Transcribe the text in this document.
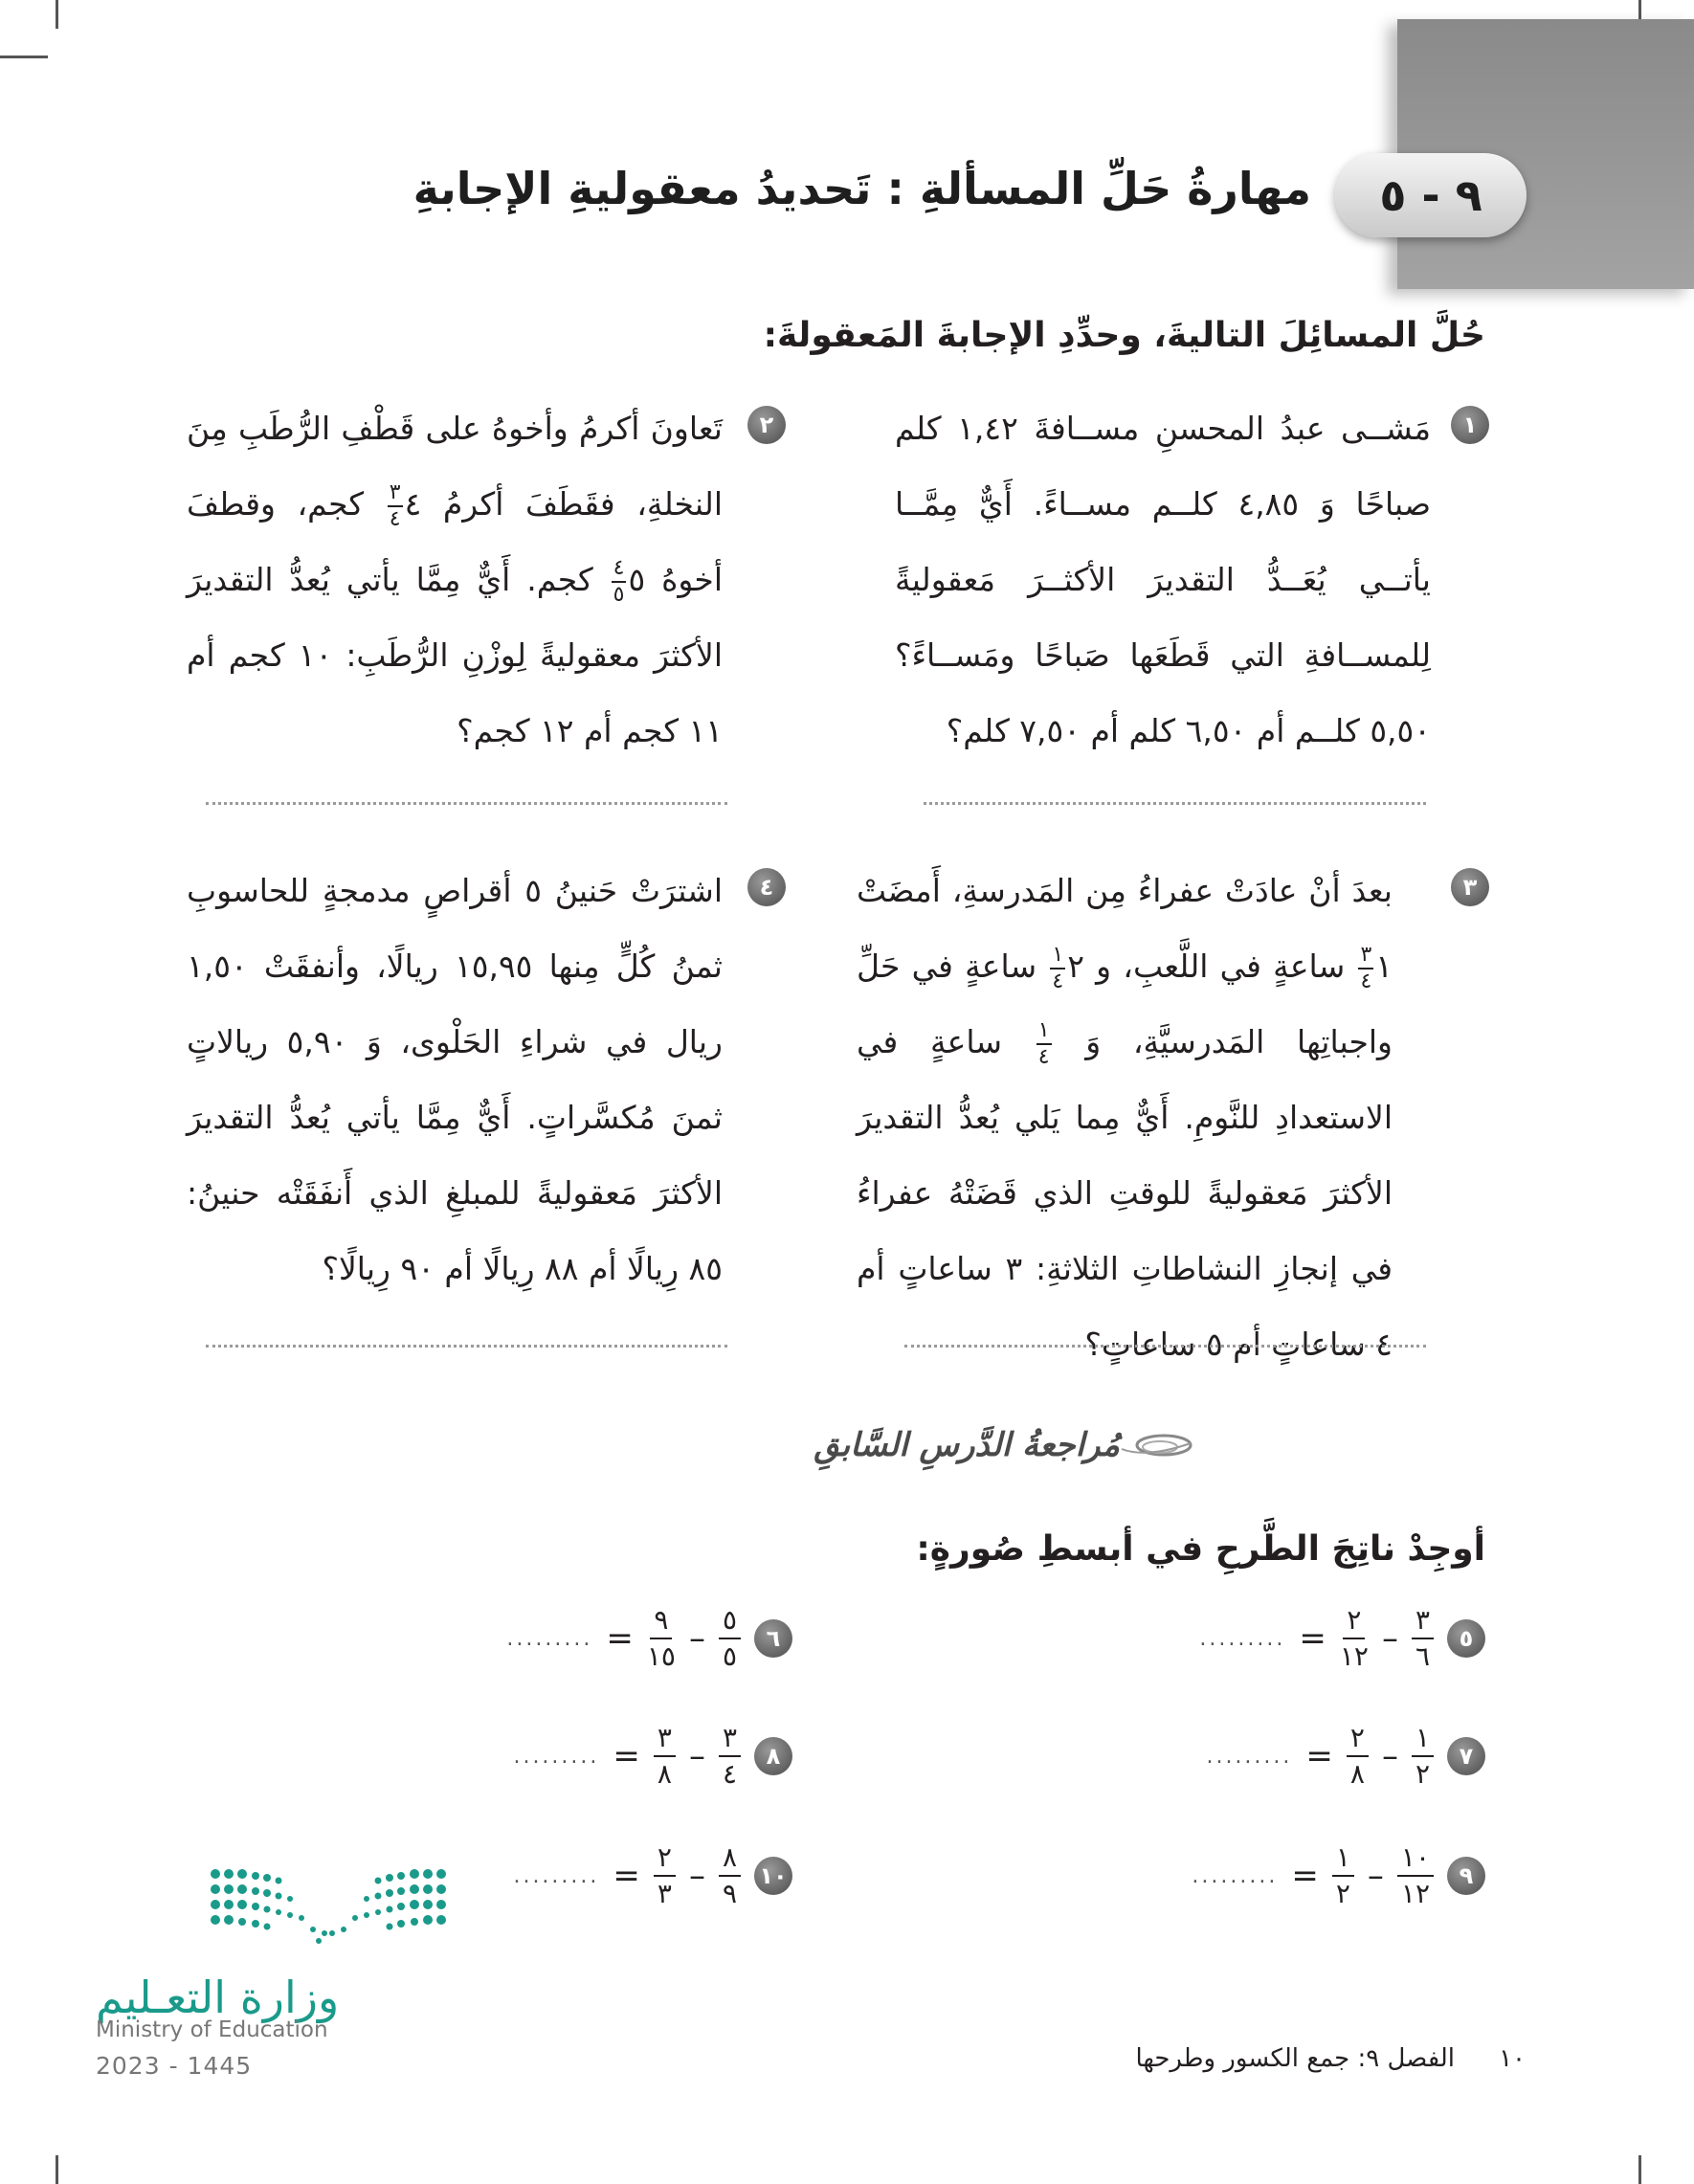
٩ - ٥
مهارةُ حَلِّ المسألةِ : تَحديدُ معقوليةِ الإجابةِ
حُلَّ المسائِلَ التاليةَ، وحدِّدِ الإجابةَ المَعقولةَ:
١
مَشــى عبدُ المحسنِ مســافةَ ١,٤٢ كلم صباحًا وَ ٤,٨٥ كلــم مســاءً. أَيٌّ مِمَّــا يأتــي يُعَــدُّ التقديرَ الأكثــرَ مَعقوليةً لِلمســافةِ التي قَطَعَها صَباحًا ومَســاءً؟ ٥,٥٠ كلــم أم ٦,٥٠ كلم أم ٧,٥٠ كلم؟
٢
تَعاونَ أكرمُ وأخوهُ على قَطْفِ الرُّطَبِ مِنَ النخلةِ، فقَطَفَ أكرمُ ٤
$\frac{٣}{٤}$
كجم، وقطفَ أخوهُ ٥
$\frac{٤}{٥}$
كجم. أَيٌّ مِمَّا يأتي يُعدُّ التقديرَ الأكثرَ معقوليةً لِوزْنِ الرُّطَبِ: ١٠ كجم أم ١١ كجم أم ١٢ كجم؟
٣
بعدَ أنْ عادَتْ عفراءُ مِن المَدرسةِ، أَمضَتْ ١
$\frac{٣}{٤}$
ساعةٍ في اللَّعبِ، و ٢
$\frac{١}{٤}$
ساعةٍ في حَلِّ واجباتِها المَدرسيَّةِ، وَ
$\frac{١}{٤}$
ساعةٍ في الاستعدادِ للنَّومِ. أَيٌّ مِما يَلي يُعدُّ التقديرَ الأكثرَ مَعقوليةً للوقتِ الذي قَضَتْهُ عفراءُ في إنجازِ النشاطاتِ الثلاثةِ: ٣ ساعاتٍ أم ٤ ساعاتٍ أم ٥ ساعاتٍ؟
٤
اشترَتْ حَنينُ ٥ أقراصٍ مدمجةٍ للحاسوبِ ثمنُ كُلٍّ مِنها ١٥,٩٥ ريالًا، وأنفقَتْ ١,٥٠ ريال في شراءِ الحَلْوى، وَ ٥,٩٠ ريالاتٍ ثمنَ مُكسَّراتٍ. أَيٌّ مِمَّا يأتي يُعدُّ التقديرَ الأكثرَ مَعقوليةً للمبلغِ الذي أَنفَقَتْه حنينُ: ٨٥ رِيالًا أم ٨٨ رِيالًا أم ٩٠ رِيالًا؟
مُراجعةُ الدَّرسِ السَّابقِ
أوجِدْ ناتِجَ الطَّرحِ في أبسطِ صُورةٍ:
٥
$\frac{٣}{٦}$
–
$\frac{٢}{١٢}$
=
.........
٧
$\frac{١}{٢}$
–
$\frac{٢}{٨}$
=
.........
٩
$\frac{١٠}{١٢}$
–
$\frac{١}{٢}$
=
.........
٦
$\frac{٥}{٥}$
–
$\frac{٩}{١٥}$
=
.........
٨
$\frac{٣}{٤}$
–
$\frac{٣}{٨}$
=
.........
١٠
$\frac{٨}{٩}$
–
$\frac{٢}{٣}$
=
.........
وزارة التعـليم
Ministry of Education
2023 - 1445	١٠
الفصل ٩: جمع الكسور وطرحها
